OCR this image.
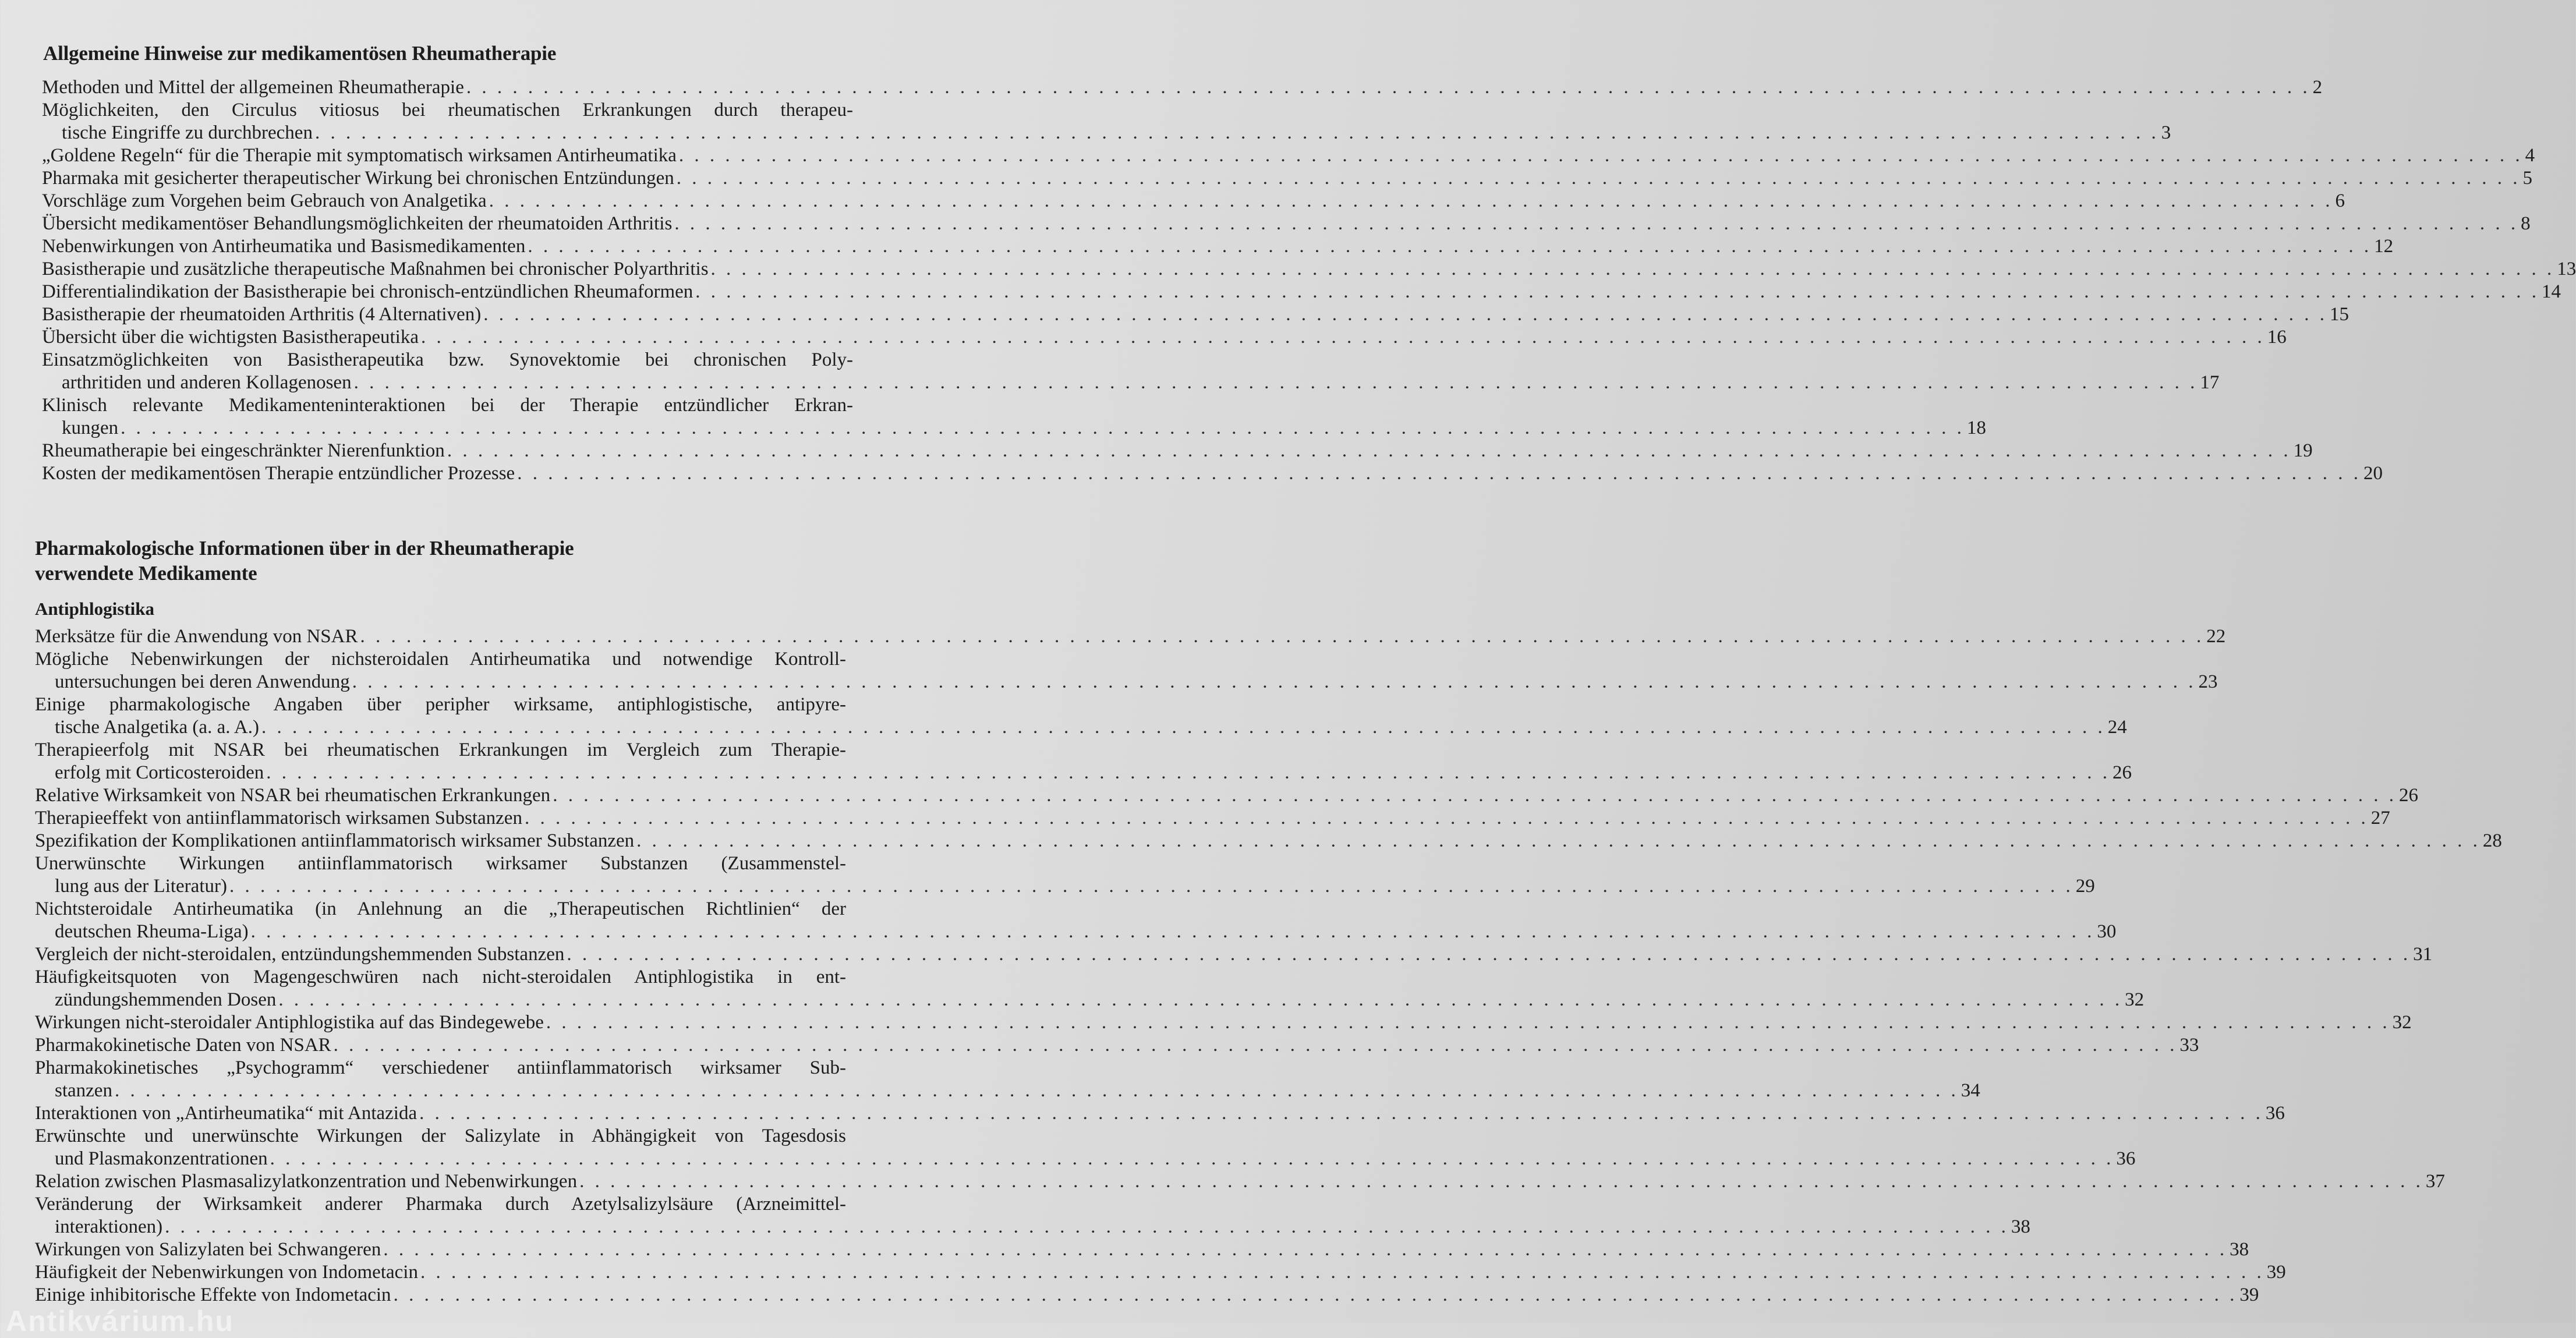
Allgemeine Hinweise zur medikamentösen Rheumatherapie
Methoden und Mittel der allgemeinen Rheumatherapie . . . . . . . . . . . . . . . . . . . . . . . . . . . . . . . . . . . . . . . . . . . . . . . . . . . . . . . . . . . . . . . . . . . . . . . . . . . . . . . . . . . . . . . . . . . . . . . . . . . . . . . . . . . . . . . . . . . . . . . . 2
Möglichkeiten, den Circulus vitiosus bei rheumatischen Erkrankungen durch therapeu-
tische Eingriffe zu durchbrechen . . . . . . . . . . . . . . . . . . . . . . . . . . . . . . . . . . . . . . . . . . . . . . . . . . . . . . . . . . . . . . . . . . . . . . . . . . . . . . . . . . . . . . . . . . . . . . . . . . . . . . . . . . . . . . . . . . . . . . . . 3
„Goldene Regeln“ für die Therapie mit symptomatisch wirksamen Antirheumatika . . . . . . . . . . . . . . . . . . . . . . . . . . . . . . . . . . . . . . . . . . . . . . . . . . . . . . . . . . . . . . . . . . . . . . . . . . . . . . . . . . . . . . . . . . . . . . . . . . . . . . . . . . . . . . . . . . . . . . . . 4
Pharmaka mit gesicherter therapeutischer Wirkung bei chronischen Entzündungen . . . . . . . . . . . . . . . . . . . . . . . . . . . . . . . . . . . . . . . . . . . . . . . . . . . . . . . . . . . . . . . . . . . . . . . . . . . . . . . . . . . . . . . . . . . . . . . . . . . . . . . . . . . . . . . . . . . . . . . . 5
Vorschläge zum Vorgehen beim Gebrauch von Analgetika . . . . . . . . . . . . . . . . . . . . . . . . . . . . . . . . . . . . . . . . . . . . . . . . . . . . . . . . . . . . . . . . . . . . . . . . . . . . . . . . . . . . . . . . . . . . . . . . . . . . . . . . . . . . . . . . . . . . . . . . 6
Übersicht medikamentöser Behandlungsmöglichkeiten der rheumatoiden Arthritis . . . . . . . . . . . . . . . . . . . . . . . . . . . . . . . . . . . . . . . . . . . . . . . . . . . . . . . . . . . . . . . . . . . . . . . . . . . . . . . . . . . . . . . . . . . . . . . . . . . . . . . . . . . . . . . . . . . . . . . . 8
Nebenwirkungen von Antirheumatika und Basismedikamenten . . . . . . . . . . . . . . . . . . . . . . . . . . . . . . . . . . . . . . . . . . . . . . . . . . . . . . . . . . . . . . . . . . . . . . . . . . . . . . . . . . . . . . . . . . . . . . . . . . . . . . . . . . . . . . . . . . . . . . . . 12
Basistherapie und zusätzliche therapeutische Maßnahmen bei chronischer Polyarthritis . . . . . . . . . . . . . . . . . . . . . . . . . . . . . . . . . . . . . . . . . . . . . . . . . . . . . . . . . . . . . . . . . . . . . . . . . . . . . . . . . . . . . . . . . . . . . . . . . . . . . . . . . . . . . . . . . . . . . . . . 13
Differentialindikation der Basistherapie bei chronisch-entzündlichen Rheumaformen . . . . . . . . . . . . . . . . . . . . . . . . . . . . . . . . . . . . . . . . . . . . . . . . . . . . . . . . . . . . . . . . . . . . . . . . . . . . . . . . . . . . . . . . . . . . . . . . . . . . . . . . . . . . . . . . . . . . . . . . 14
Basistherapie der rheumatoiden Arthritis (4 Alternativen) . . . . . . . . . . . . . . . . . . . . . . . . . . . . . . . . . . . . . . . . . . . . . . . . . . . . . . . . . . . . . . . . . . . . . . . . . . . . . . . . . . . . . . . . . . . . . . . . . . . . . . . . . . . . . . . . . . . . . . . . 15
Übersicht über die wichtigsten Basistherapeutika . . . . . . . . . . . . . . . . . . . . . . . . . . . . . . . . . . . . . . . . . . . . . . . . . . . . . . . . . . . . . . . . . . . . . . . . . . . . . . . . . . . . . . . . . . . . . . . . . . . . . . . . . . . . . . . . . . . . . . . . 16
Einsatzmöglichkeiten von Basistherapeutika bzw. Synovektomie bei chronischen Poly-
arthritiden und anderen Kollagenosen . . . . . . . . . . . . . . . . . . . . . . . . . . . . . . . . . . . . . . . . . . . . . . . . . . . . . . . . . . . . . . . . . . . . . . . . . . . . . . . . . . . . . . . . . . . . . . . . . . . . . . . . . . . . . . . . . . . . . . . . 17
Klinisch relevante Medikamenteninteraktionen bei der Therapie entzündlicher Erkran-
kungen . . . . . . . . . . . . . . . . . . . . . . . . . . . . . . . . . . . . . . . . . . . . . . . . . . . . . . . . . . . . . . . . . . . . . . . . . . . . . . . . . . . . . . . . . . . . . . . . . . . . . . . . . . . . . . . . . . . . . . . . 18
Rheumatherapie bei eingeschränkter Nierenfunktion . . . . . . . . . . . . . . . . . . . . . . . . . . . . . . . . . . . . . . . . . . . . . . . . . . . . . . . . . . . . . . . . . . . . . . . . . . . . . . . . . . . . . . . . . . . . . . . . . . . . . . . . . . . . . . . . . . . . . . . . 19
Kosten der medikamentösen Therapie entzündlicher Prozesse . . . . . . . . . . . . . . . . . . . . . . . . . . . . . . . . . . . . . . . . . . . . . . . . . . . . . . . . . . . . . . . . . . . . . . . . . . . . . . . . . . . . . . . . . . . . . . . . . . . . . . . . . . . . . . . . . . . . . . . . 20
Pharmakologische Informationen über in der Rheumatherapie
verwendete Medikamente
Antiphlogistika
Merksätze für die Anwendung von NSAR . . . . . . . . . . . . . . . . . . . . . . . . . . . . . . . . . . . . . . . . . . . . . . . . . . . . . . . . . . . . . . . . . . . . . . . . . . . . . . . . . . . . . . . . . . . . . . . . . . . . . . . . . . . . . . . . . . . . . . . . 22
Mögliche Nebenwirkungen der nichsteroidalen Antirheumatika und notwendige Kontroll-
untersuchungen bei deren Anwendung . . . . . . . . . . . . . . . . . . . . . . . . . . . . . . . . . . . . . . . . . . . . . . . . . . . . . . . . . . . . . . . . . . . . . . . . . . . . . . . . . . . . . . . . . . . . . . . . . . . . . . . . . . . . . . . . . . . . . . . . 23
Einige pharmakologische Angaben über peripher wirksame, antiphlogistische, antipyre-
tische Analgetika (a. a. A.) . . . . . . . . . . . . . . . . . . . . . . . . . . . . . . . . . . . . . . . . . . . . . . . . . . . . . . . . . . . . . . . . . . . . . . . . . . . . . . . . . . . . . . . . . . . . . . . . . . . . . . . . . . . . . . . . . . . . . . . . 24
Therapieerfolg mit NSAR bei rheumatischen Erkrankungen im Vergleich zum Therapie-
erfolg mit Corticosteroiden . . . . . . . . . . . . . . . . . . . . . . . . . . . . . . . . . . . . . . . . . . . . . . . . . . . . . . . . . . . . . . . . . . . . . . . . . . . . . . . . . . . . . . . . . . . . . . . . . . . . . . . . . . . . . . . . . . . . . . . . 26
Relative Wirksamkeit von NSAR bei rheumatischen Erkrankungen . . . . . . . . . . . . . . . . . . . . . . . . . . . . . . . . . . . . . . . . . . . . . . . . . . . . . . . . . . . . . . . . . . . . . . . . . . . . . . . . . . . . . . . . . . . . . . . . . . . . . . . . . . . . . . . . . . . . . . . . 26
Therapieeffekt von antiinflammatorisch wirksamen Substanzen . . . . . . . . . . . . . . . . . . . . . . . . . . . . . . . . . . . . . . . . . . . . . . . . . . . . . . . . . . . . . . . . . . . . . . . . . . . . . . . . . . . . . . . . . . . . . . . . . . . . . . . . . . . . . . . . . . . . . . . . 27
Spezifikation der Komplikationen antiinflammatorisch wirksamer Substanzen . . . . . . . . . . . . . . . . . . . . . . . . . . . . . . . . . . . . . . . . . . . . . . . . . . . . . . . . . . . . . . . . . . . . . . . . . . . . . . . . . . . . . . . . . . . . . . . . . . . . . . . . . . . . . . . . . . . . . . . . 28
Unerwünschte Wirkungen antiinflammatorisch wirksamer Substanzen (Zusammenstel-
lung aus der Literatur) . . . . . . . . . . . . . . . . . . . . . . . . . . . . . . . . . . . . . . . . . . . . . . . . . . . . . . . . . . . . . . . . . . . . . . . . . . . . . . . . . . . . . . . . . . . . . . . . . . . . . . . . . . . . . . . . . . . . . . . . 29
Nichtsteroidale Antirheumatika (in Anlehnung an die „Therapeutischen Richtlinien“ der
deutschen Rheuma-Liga) . . . . . . . . . . . . . . . . . . . . . . . . . . . . . . . . . . . . . . . . . . . . . . . . . . . . . . . . . . . . . . . . . . . . . . . . . . . . . . . . . . . . . . . . . . . . . . . . . . . . . . . . . . . . . . . . . . . . . . . . 30
Vergleich der nicht-steroidalen, entzündungshemmenden Substanzen . . . . . . . . . . . . . . . . . . . . . . . . . . . . . . . . . . . . . . . . . . . . . . . . . . . . . . . . . . . . . . . . . . . . . . . . . . . . . . . . . . . . . . . . . . . . . . . . . . . . . . . . . . . . . . . . . . . . . . . . 31
Häufigkeitsquoten von Magengeschwüren nach nicht-steroidalen Antiphlogistika in ent-
zündungshemmenden Dosen . . . . . . . . . . . . . . . . . . . . . . . . . . . . . . . . . . . . . . . . . . . . . . . . . . . . . . . . . . . . . . . . . . . . . . . . . . . . . . . . . . . . . . . . . . . . . . . . . . . . . . . . . . . . . . . . . . . . . . . . 32
Wirkungen nicht-steroidaler Antiphlogistika auf das Bindegewebe . . . . . . . . . . . . . . . . . . . . . . . . . . . . . . . . . . . . . . . . . . . . . . . . . . . . . . . . . . . . . . . . . . . . . . . . . . . . . . . . . . . . . . . . . . . . . . . . . . . . . . . . . . . . . . . . . . . . . . . . 32
Pharmakokinetische Daten von NSAR . . . . . . . . . . . . . . . . . . . . . . . . . . . . . . . . . . . . . . . . . . . . . . . . . . . . . . . . . . . . . . . . . . . . . . . . . . . . . . . . . . . . . . . . . . . . . . . . . . . . . . . . . . . . . . . . . . . . . . . . 33
Pharmakokinetisches „Psychogramm“ verschiedener antiinflammatorisch wirksamer Sub-
stanzen . . . . . . . . . . . . . . . . . . . . . . . . . . . . . . . . . . . . . . . . . . . . . . . . . . . . . . . . . . . . . . . . . . . . . . . . . . . . . . . . . . . . . . . . . . . . . . . . . . . . . . . . . . . . . . . . . . . . . . . . 34
Interaktionen von „Antirheumatika“ mit Antazida . . . . . . . . . . . . . . . . . . . . . . . . . . . . . . . . . . . . . . . . . . . . . . . . . . . . . . . . . . . . . . . . . . . . . . . . . . . . . . . . . . . . . . . . . . . . . . . . . . . . . . . . . . . . . . . . . . . . . . . . 36
Erwünschte und unerwünschte Wirkungen der Salizylate in Abhängigkeit von Tagesdosis
und Plasmakonzentrationen . . . . . . . . . . . . . . . . . . . . . . . . . . . . . . . . . . . . . . . . . . . . . . . . . . . . . . . . . . . . . . . . . . . . . . . . . . . . . . . . . . . . . . . . . . . . . . . . . . . . . . . . . . . . . . . . . . . . . . . . 36
Relation zwischen Plasmasalizylatkonzentration und Nebenwirkungen . . . . . . . . . . . . . . . . . . . . . . . . . . . . . . . . . . . . . . . . . . . . . . . . . . . . . . . . . . . . . . . . . . . . . . . . . . . . . . . . . . . . . . . . . . . . . . . . . . . . . . . . . . . . . . . . . . . . . . . . 37
Veränderung der Wirksamkeit anderer Pharmaka durch Azetylsalizylsäure (Arzneimittel-
interaktionen) . . . . . . . . . . . . . . . . . . . . . . . . . . . . . . . . . . . . . . . . . . . . . . . . . . . . . . . . . . . . . . . . . . . . . . . . . . . . . . . . . . . . . . . . . . . . . . . . . . . . . . . . . . . . . . . . . . . . . . . . 38
Wirkungen von Salizylaten bei Schwangeren . . . . . . . . . . . . . . . . . . . . . . . . . . . . . . . . . . . . . . . . . . . . . . . . . . . . . . . . . . . . . . . . . . . . . . . . . . . . . . . . . . . . . . . . . . . . . . . . . . . . . . . . . . . . . . . . . . . . . . . . 38
Häufigkeit der Nebenwirkungen von Indometacin . . . . . . . . . . . . . . . . . . . . . . . . . . . . . . . . . . . . . . . . . . . . . . . . . . . . . . . . . . . . . . . . . . . . . . . . . . . . . . . . . . . . . . . . . . . . . . . . . . . . . . . . . . . . . . . . . . . . . . . . 39
Einige inhibitorische Effekte von Indometacin . . . . . . . . . . . . . . . . . . . . . . . . . . . . . . . . . . . . . . . . . . . . . . . . . . . . . . . . . . . . . . . . . . . . . . . . . . . . . . . . . . . . . . . . . . . . . . . . . . . . . . . . . . . . . . . . . . . . . . . . 39
Antikvárium.hu
